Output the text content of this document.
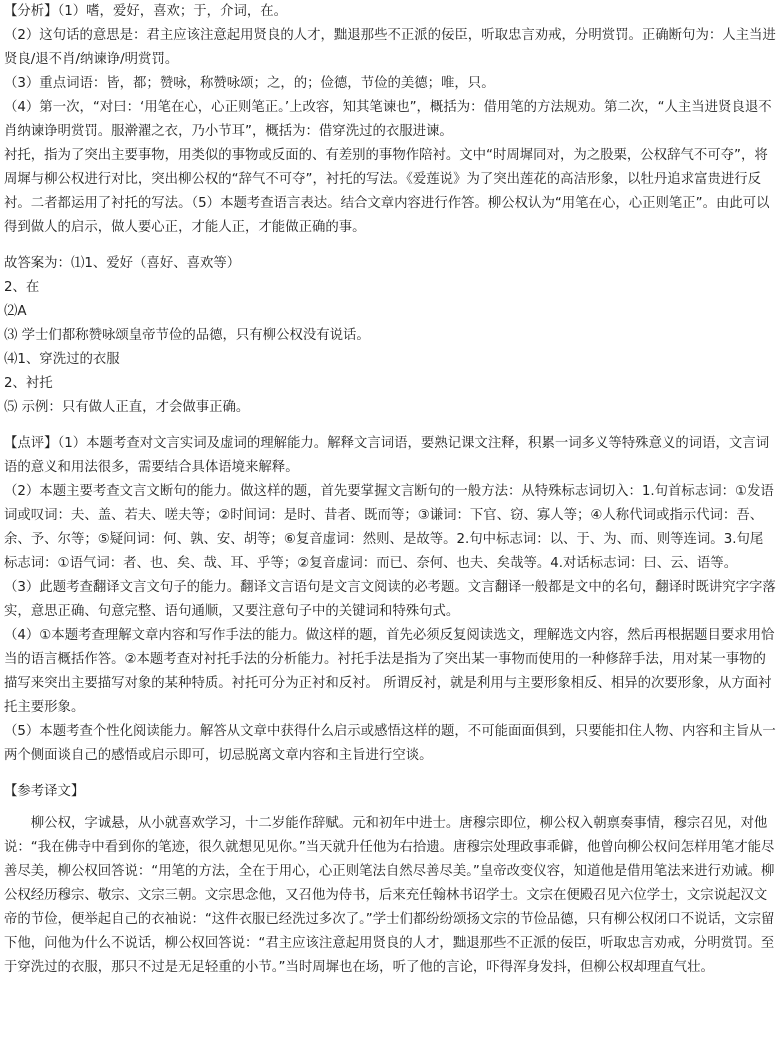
【分析】（1）嗜，爱好，喜欢；于，介词，在。

（2）这句话的意思是：君主应该注意起用贤良的人才，黜退那些不正派的佞臣，听取忠言劝戒，分明赏罚。正确断句为：人主当进贤良/退不肖/纳谏诤/明赏罚。

（3）重点词语：皆，都；赞咏，称赞咏颂；之，的；俭德，节俭的美德；唯，只。

（4）第一次，“对曰：‘用笔在心，心正则笔正。’上改容，知其笔谏也”，概括为：借用笔的方法规劝。第二次，“人主当进贤良退不肖纳谏诤明赏罚。服澣濯之衣，乃小节耳”，概括为：借穿洗过的衣服进谏。

衬托，指为了突出主要事物，用类似的事物或反面的、有差别的事物作陪衬。文中“时周墀同对，为之股栗，公权辞气不可夺”，将周墀与柳公权进行对比，突出柳公权的“辞气不可夺”，衬托的写法。《爱莲说》为了突出莲花的高洁形象，以牡丹追求富贵进行反衬。二者都运用了衬托的写法。（5）本题考查语言表达。结合文章内容进行作答。柳公权认为“用笔在心，心正则笔正”。由此可以得到做人的启示，做人要心正，才能人正，才能做正确的事。

故答案为：⑴1、爱好（喜好、喜欢等）

2、在

⑵A

⑶ 学士们都称赞咏颂皇帝节俭的品德，只有柳公权没有说话。

⑷1、穿洗过的衣服

2、衬托

⑸ 示例：只有做人正直，才会做事正确。

【点评】（1）本题考查对文言实词及虚词的理解能力。解释文言词语，要熟记课文注释，积累一词多义等特殊意义的词语，文言词语的意义和用法很多，需要结合具体语境来解释。

（2）本题主要考查文言文断句的能力。做这样的题，首先要掌握文言断句的一般方法：从特殊标志词切入：1.句首标志词：①发语词或叹词：夫、盖、若夫、嗟夫等；②时间词：是时、昔者、既而等；③谦词：下官、窃、寡人等；④人称代词或指示代词：吾、余、予、尔等；⑤疑问词：何、孰、安、胡等；⑥复音虚词：然则、是故等。2.句中标志词：以、于、为、而、则等连词。3.句尾标志词：①语气词：者、也、矣、哉、耳、乎等；②复音虚词：而已、奈何、也夫、矣哉等。4.对话标志词：曰、云、语等。

（3）此题考查翻译文言文句子的能力。翻译文言语句是文言文阅读的必考题。文言翻译一般都是文中的名句，翻译时既讲究字字落实，意思正确、句意完整、语句通顺，又要注意句子中的关键词和特殊句式。

（4）①本题考查理解文章内容和写作手法的能力。做这样的题，首先必须反复阅读选文，理解选文内容，然后再根据题目要求用恰当的语言概括作答。②本题考查对衬托手法的分析能力。衬托手法是指为了突出某一事物而使用的一种修辞手法，用对某一事物的描写来突出主要描写对象的某种特质。衬托可分为正衬和反衬。 所谓反衬，就是利用与主要形象相反、相异的次要形象，从方面衬托主要形象。

（5）本题考查个性化阅读能力。解答从文章中获得什么启示或感悟这样的题，不可能面面俱到，只要能扣住人物、内容和主旨从一两个侧面谈自己的感悟或启示即可，切忌脱离文章内容和主旨进行空谈。

【参考译文】

柳公权，字诚悬，从小就喜欢学习，十二岁能作辞赋。元和初年中进士。唐穆宗即位，柳公权入朝禀奏事情，穆宗召见，对他说：“我在佛寺中看到你的笔迹，很久就想见见你。”当天就升任他为右拾遗。唐穆宗处理政事乖僻，他曾向柳公权问怎样用笔才能尽善尽美，柳公权回答说：“用笔的方法，全在于用心，心正则笔法自然尽善尽美。”皇帝改变仪容，知道他是借用笔法来进行劝诫。柳公权经历穆宗、敬宗、文宗三朝。文宗思念他，又召他为侍书，后来充任翰林书诏学士。文宗在便殿召见六位学士，文宗说起汉文帝的节俭，便举起自己的衣袖说：“这件衣服已经洗过多次了。”学士们都纷纷颂扬文宗的节俭品德，只有柳公权闭口不说话，文宗留下他，问他为什么不说话，柳公权回答说：“君主应该注意起用贤良的人才，黜退那些不正派的佞臣，听取忠言劝戒，分明赏罚。至于穿洗过的衣服，那只不过是无足轻重的小节。”当时周墀也在场，听了他的言论，吓得浑身发抖，但柳公权却理直气壮。
